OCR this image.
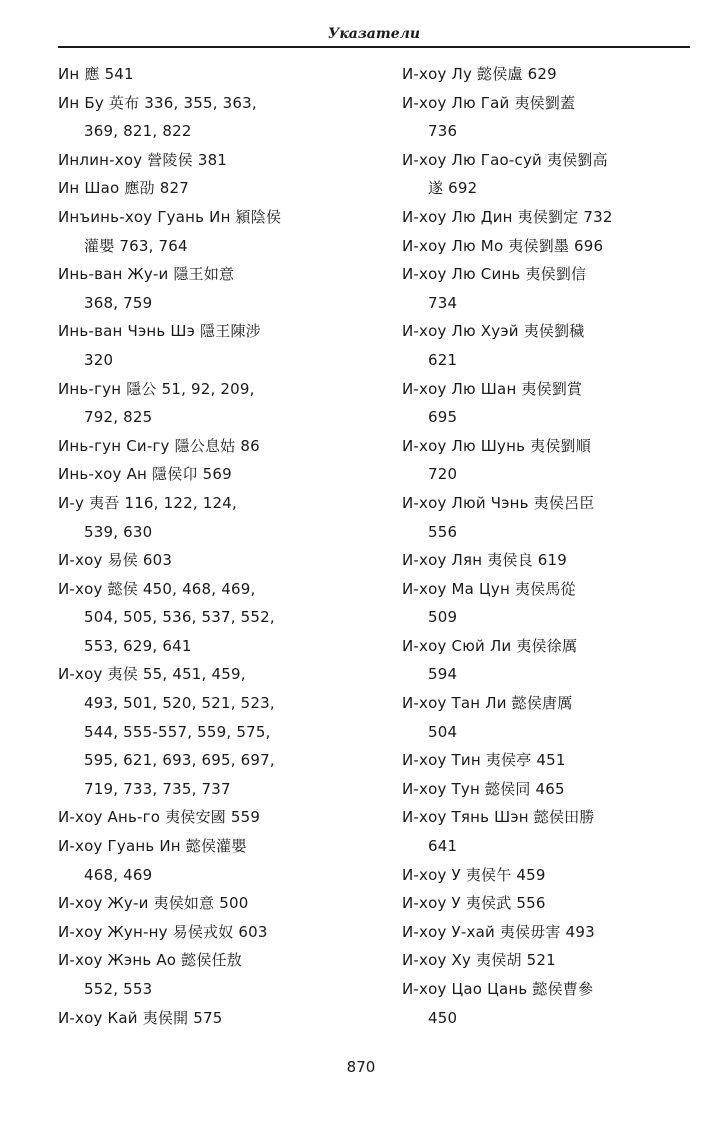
Указатели
Ин 應 541
Ин Бу 英布 336, 355, 363,
369, 821, 822
Инлин-хоу 營陵侯 381
Ин Шао 應劭 827
Инъинь-хоу Гуань Ин 潁陰侯
灌嬰 763, 764
Инь-ван Жу-и 隱王如意
368, 759
Инь-ван Чэнь Шэ 隱王陳涉
320
Инь-гун 隱公 51, 92, 209,
792, 825
Инь-гун Си-гу 隱公息姑 86
Инь-хоу Ан 隱侯卬 569
И-у 夷吾 116, 122, 124,
539, 630
И-хоу 易侯 603
И-хоу 懿侯 450, 468, 469,
504, 505, 536, 537, 552,
553, 629, 641
И-хоу 夷侯 55, 451, 459,
493, 501, 520, 521, 523,
544, 555-557, 559, 575,
595, 621, 693, 695, 697,
719, 733, 735, 737
И-хоу Ань-го 夷侯安國 559
И-хоу Гуань Ин 懿侯灌嬰
468, 469
И-хоу Жу-и 夷侯如意 500
И-хоу Жун-ну 易侯戎奴 603
И-хоу Жэнь Ао 懿侯任敖
552, 553
И-хоу Кай 夷侯開 575
И-хоу Лу 懿侯盧 629
И-хоу Лю Гай 夷侯劉蓋
736
И-хоу Лю Гао-суй 夷侯劉高
遂 692
И-хоу Лю Дин 夷侯劉定 732
И-хоу Лю Мо 夷侯劉墨 696
И-хоу Лю Синь 夷侯劉信
734
И-хоу Лю Хуэй 夷侯劉穢
621
И-хоу Лю Шан 夷侯劉賞
695
И-хоу Лю Шунь 夷侯劉順
720
И-хоу Люй Чэнь 夷侯呂臣
556
И-хоу Лян 夷侯良 619
И-хоу Ма Цун 夷侯馬從
509
И-хоу Сюй Ли 夷侯徐厲
594
И-хоу Тан Ли 懿侯唐厲
504
И-хоу Тин 夷侯亭 451
И-хоу Тун 懿侯同 465
И-хоу Тянь Шэн 懿侯田勝
641
И-хоу У 夷侯午 459
И-хоу У 夷侯武 556
И-хоу У-хай 夷侯毋害 493
И-хоу Ху 夷侯胡 521
И-хоу Цао Цань 懿侯曹參
450
870
